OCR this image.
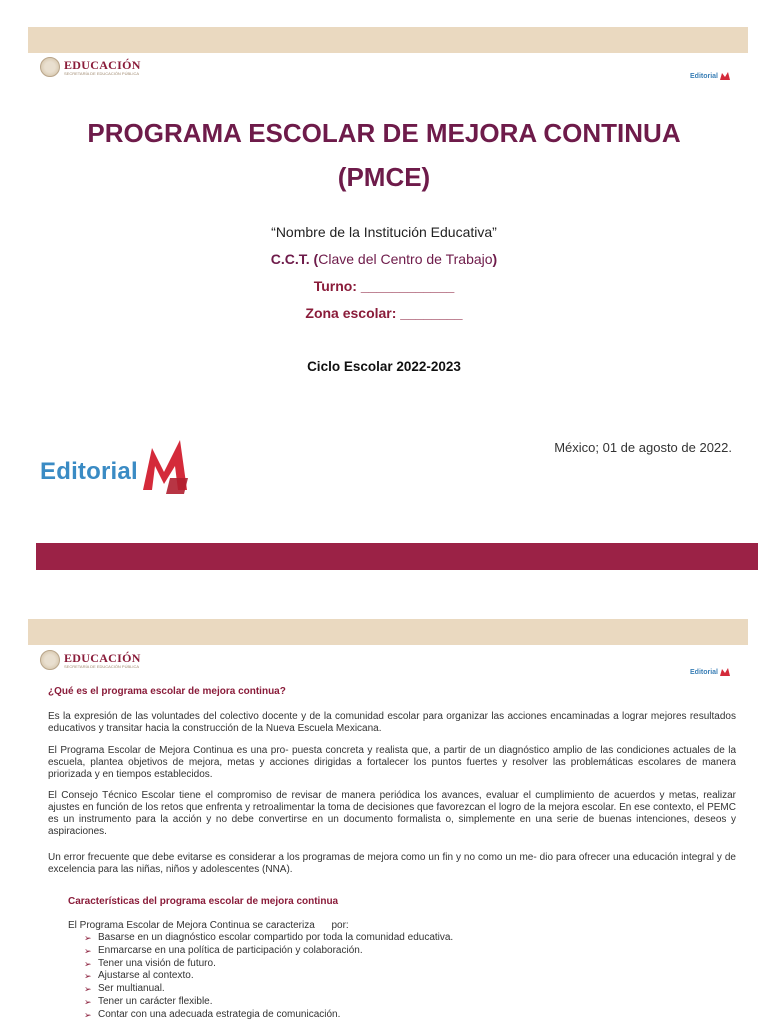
EDUCACIÓN
SECRETARÍA DE EDUCACIÓN PÚBLICA	Editorial
PROGRAMA ESCOLAR DE MEJORA CONTINUA
(PMCE)
“Nombre de la Institución Educativa”
C.C.T. (Clave del Centro de Trabajo)
Turno: ____________
Zona escolar: ________
Ciclo Escolar 2022-2023
México; 01 de agosto de 2022.
Editorial
EDUCACIÓN
SECRETARÍA DE EDUCACIÓN PÚBLICA
Editorial
¿Qué es el programa escolar de mejora continua?

Es la expresión de las voluntades del colectivo docente y de la comunidad escolar para organizar las acciones encaminadas a lograr mejores resultados educativos y transitar hacia la construcción de la Nueva Escuela Mexicana.

El Programa Escolar de Mejora Continua es una pro- puesta concreta y realista que, a partir de un diagnóstico amplio de las condiciones actuales de la escuela, plantea objetivos de mejora, metas y acciones dirigidas a fortalecer los puntos fuertes y resolver las problemáticas escolares de manera priorizada y en tiempos establecidos.

El Consejo Técnico Escolar tiene el compromiso de revisar de manera periódica los avances, evaluar el cumplimiento de acuerdos y metas, realizar ajustes en función de los retos que enfrenta y retroalimentar la toma de decisiones que favorezcan el logro de la mejora escolar. En ese contexto, el PEMC es un instrumento para la acción y no debe convertirse en un documento formalista o, simplemente en una serie de buenas intenciones, deseos y aspiraciones.

Un error frecuente que debe evitarse es considerar a los programas de mejora como un fin y no como un me- dio para ofrecer una educación integral y de excelencia para las niñas, niños y adolescentes (NNA).

Características del programa escolar de mejora continua
El Programa Escolar de Mejora Continua se caracteriza      por:
➢ Basarse en un diagnóstico escolar compartido por toda la comunidad educativa.
➢ Enmarcarse en una política de participación y colaboración.
➢ Tener una visión de futuro.
➢ Ajustarse al contexto.
➢ Ser multianual.
➢ Tener un carácter flexible.
➢ Contar con una adecuada estrategia de comunicación.
